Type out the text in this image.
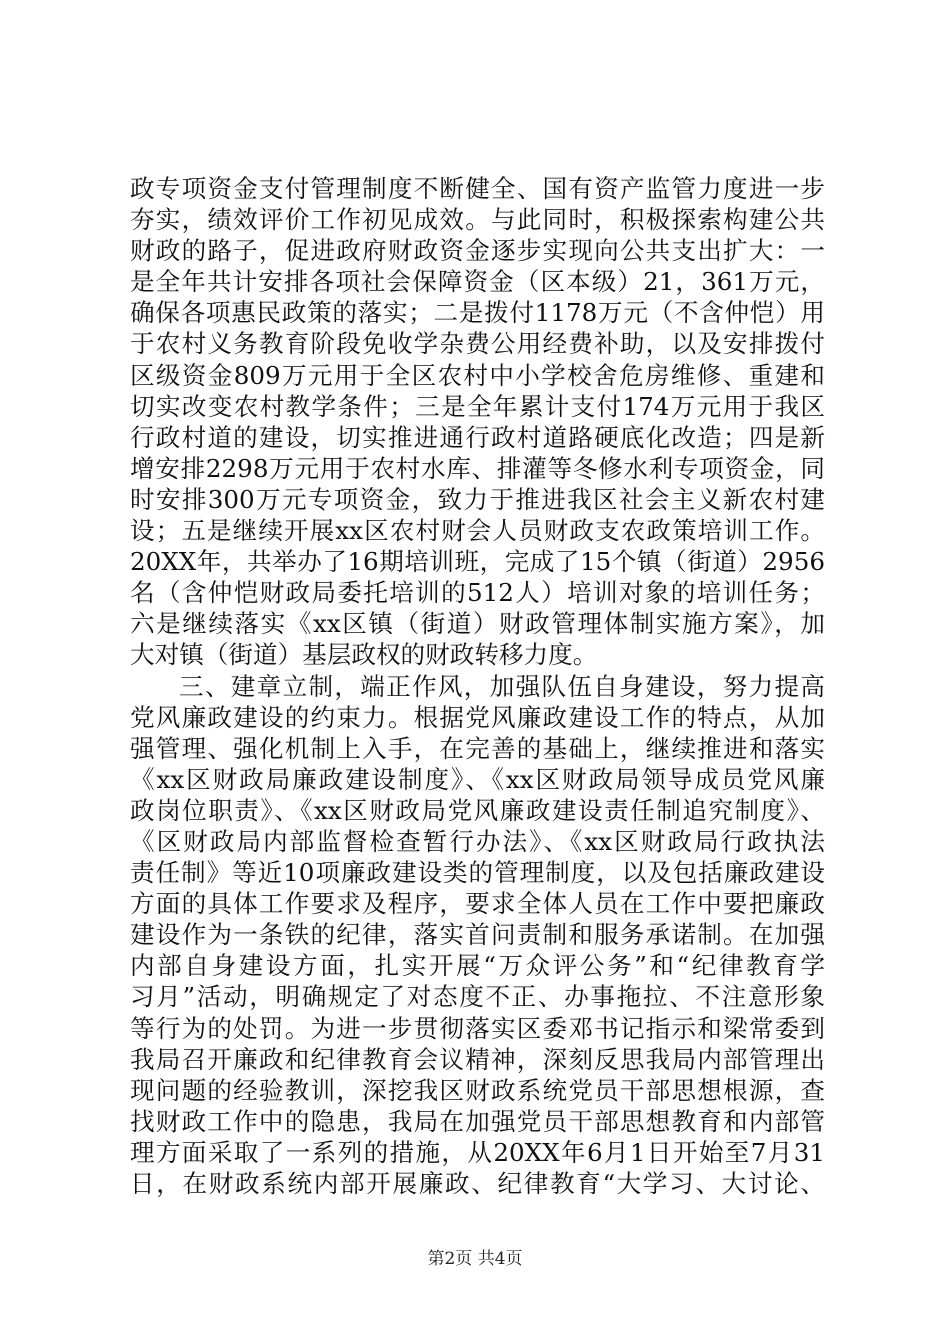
政专项资金支付管理制度不断健全、国有资产监管力度进一步
夯实，绩效评价工作初见成效。与此同时，积极探索构建公共
财政的路子，促进政府财政资金逐步实现向公共支出扩大：一
是全年共计安排各项社会保障资金（区本级）21，361万元，
确保各项惠民政策的落实；二是拨付1178万元（不含仲恺）用
于农村义务教育阶段免收学杂费公用经费补助，以及安排拨付
区级资金809万元用于全区农村中小学校舍危房维修、重建和
切实改变农村教学条件；三是全年累计支付174万元用于我区
行政村道的建设，切实推进通行政村道路硬底化改造；四是新
增安排2298万元用于农村水库、排灌等冬修水利专项资金，同
时安排300万元专项资金，致力于推进我区社会主义新农村建
设；五是继续开展xx区农村财会人员财政支农政策培训工作。
20XX年，共举办了16期培训班，完成了15个镇（街道）2956
名（含仲恺财政局委托培训的512人）培训对象的培训任务；
六是继续落实《xx区镇（街道）财政管理体制实施方案》，加
大对镇（街道）基层政权的财政转移力度。
三、建章立制，端正作风，加强队伍自身建设，努力提高
党风廉政建设的约束力。根据党风廉政建设工作的特点，从加
强管理、强化机制上入手，在完善的基础上，继续推进和落实
《xx区财政局廉政建设制度》、《xx区财政局领导成员党风廉
政岗位职责》、《xx区财政局党风廉政建设责任制追究制度》、
《区财政局内部监督检查暂行办法》、《xx区财政局行政执法
责任制》等近10项廉政建设类的管理制度，以及包括廉政建设
方面的具体工作要求及程序，要求全体人员在工作中要把廉政
建设作为一条铁的纪律，落实首问责制和服务承诺制。在加强
内部自身建设方面，扎实开展“万众评公务”和“纪律教育学
习月”活动，明确规定了对态度不正、办事拖拉、不注意形象
等行为的处罚。为进一步贯彻落实区委邓书记指示和梁常委到
我局召开廉政和纪律教育会议精神，深刻反思我局内部管理出
现问题的经验教训，深挖我区财政系统党员干部思想根源，查
找财政工作中的隐患，我局在加强党员干部思想教育和内部管
理方面采取了一系列的措施，从20XX年6月1日开始至7月31
日，在财政系统内部开展廉政、纪律教育“大学习、大讨论、
第2页 共4页
